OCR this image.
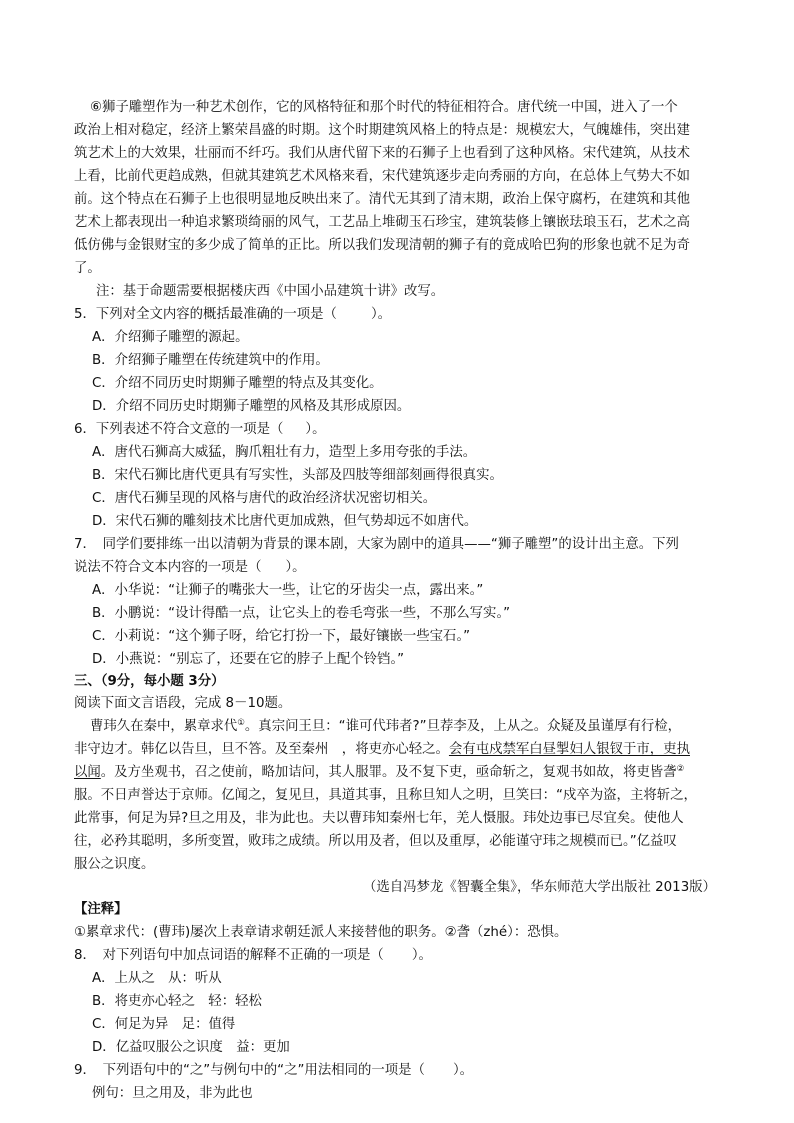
⑥狮子雕塑作为一种艺术创作，它的风格特征和那个时代的特征相符合。唐代统一中国，进入了一个
政治上相对稳定，经济上繁荣昌盛的时期。这个时期建筑风格上的特点是：规模宏大，气魄雄伟，突出建
筑艺术上的大效果，壮丽而不纤巧。我们从唐代留下来的石狮子上也看到了这种风格。宋代建筑，从技术
上看，比前代更趋成熟，但就其建筑艺术风格来看，宋代建筑逐步走向秀丽的方向，在总体上气势大不如
前。这个特点在石狮子上也很明显地反映出来了。清代无其到了清末期，政治上保守腐朽，在建筑和其他
艺术上都表现出一种追求繁琐绮丽的风气，工艺品上堆砌玉石珍宝，建筑装修上镶嵌珐琅玉石，艺术之高
低仿佛与金银财宝的多少成了简单的正比。所以我们发现清朝的狮子有的竟成哈巴狗的形象也就不足为奇
了。
注：基于命题需要根据楼庆西《中国小品建筑十讲》改写。
5．下列对全文内容的概括最准确的一项是（	）。
A．介绍狮子雕塑的源起。
B．介绍狮子雕塑在传统建筑中的作用。
C．介绍不同历史时期狮子雕塑的特点及其变化。
D．介绍不同历史时期狮子雕塑的风格及其形成原因。
6．下列表述不符合文意的一项是（ ）。
A．唐代石狮高大威猛，胸爪粗壮有力，造型上多用夸张的手法。
B．宋代石狮比唐代更具有写实性，头部及四肢等细部刻画得很真实。
C．唐代石狮呈现的风格与唐代的政治经济状况密切相关。
D．宋代石狮的雕刻技术比唐代更加成熟，但气势却远不如唐代。
7．　同学们要排练一出以清朝为背景的课本剧，大家为剧中的道具——“狮子雕塑”的设计出主意。下列
说法不符合文本内容的一项是（ ）。
A．小华说：“让狮子的嘴张大一些，让它的牙齿尖一点，露出来。”
B．小鹏说：“设计得酷一点，让它头上的卷毛弯张一些，不那么写实。”
C．小莉说：“这个狮子呀，给它打扮一下，最好镶嵌一些宝石。”
D．小燕说：“别忘了，还要在它的脖子上配个铃铛。”
三、（9分，每小题 3分）
阅读下面文言语段，完成 8－10题。
曹玮久在秦中，累章求代①。真宗问王旦：“谁可代玮者?”旦荐李及，上从之。众疑及虽谨厚有行检，
非守边才。韩亿以告旦，旦不答。及至秦州　，将吏亦心轻之。会有屯戍禁军白昼掣妇人银钗于市，吏执
以闻。及方坐观书，召之使前，略加诘问，其人服罪。及不复下吏，亟命斩之，复观书如故，将吏皆詟②
服。不日声誉达于京师。亿闻之，复见旦，具道其事，且称旦知人之明，旦笑曰：“戍卒为盗，主将斩之，
此常事，何足为异?旦之用及，非为此也。夫以曹玮知秦州七年，羌人慑服。玮处边事已尽宜矣。使他人
往，必矜其聪明，多所变置，败玮之成绩。所以用及者，但以及重厚，必能谨守玮之规模而已。”亿益叹
服公之识度。
（选自冯梦龙《智囊全集》，华东师范大学出版社 2013版）
【注释】
①累章求代：(曹玮)屡次上表章请求朝廷派人来接替他的职务。②詟（zhé）：恐惧。
8．　对下列语句中加点词语的解释不正确的一项是（ ）。
A．上从之　从：听从
B．将吏亦心轻之　轻：轻松
C．何足为异　足：值得
D．亿益叹服公之识度　益：更加
9．　下列语句中的“之”与例句中的“之”用法相同的一项是（ ）。
例句：旦之用及，非为此也
